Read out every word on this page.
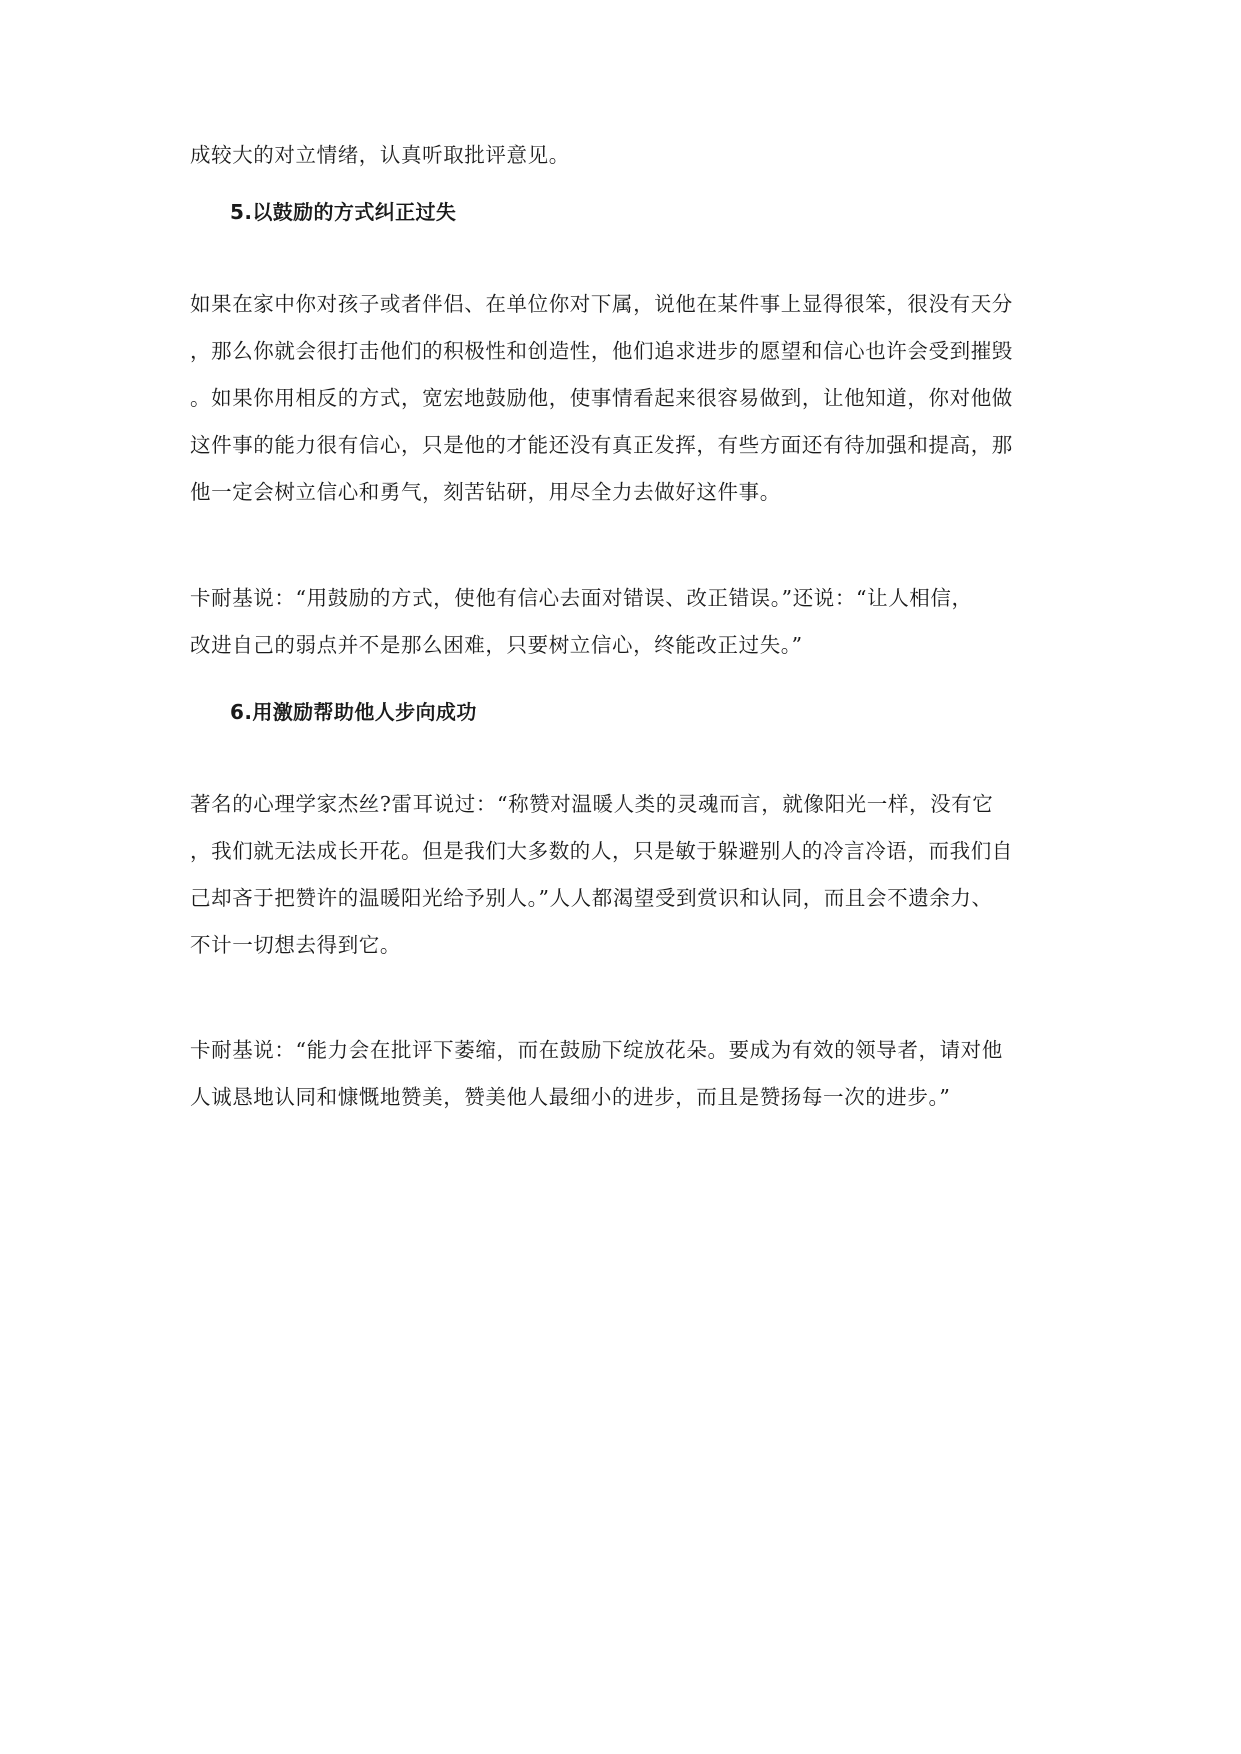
成较大的对立情绪，认真听取批评意见。
5.以鼓励的方式纠正过失
如果在家中你对孩子或者伴侣、在单位你对下属，说他在某件事上显得很笨，很没有天分
，那么你就会很打击他们的积极性和创造性，他们追求进步的愿望和信心也许会受到摧毁
。如果你用相反的方式，宽宏地鼓励他，使事情看起来很容易做到，让他知道，你对他做
这件事的能力很有信心，只是他的才能还没有真正发挥，有些方面还有待加强和提高，那
他一定会树立信心和勇气，刻苦钻研，用尽全力去做好这件事。
卡耐基说：“用鼓励的方式，使他有信心去面对错误、改正错误。”还说：“让人相信，
改进自己的弱点并不是那么困难，只要树立信心，终能改正过失。”
6.用激励帮助他人步向成功
著名的心理学家杰丝?雷耳说过：“称赞对温暖人类的灵魂而言，就像阳光一样，没有它
，我们就无法成长开花。但是我们大多数的人，只是敏于躲避别人的冷言冷语，而我们自
己却吝于把赞许的温暖阳光给予别人。”人人都渴望受到赏识和认同，而且会不遗余力、
不计一切想去得到它。
卡耐基说：“能力会在批评下萎缩，而在鼓励下绽放花朵。要成为有效的领导者，请对他
人诚恳地认同和慷慨地赞美，赞美他人最细小的进步，而且是赞扬每一次的进步。”
